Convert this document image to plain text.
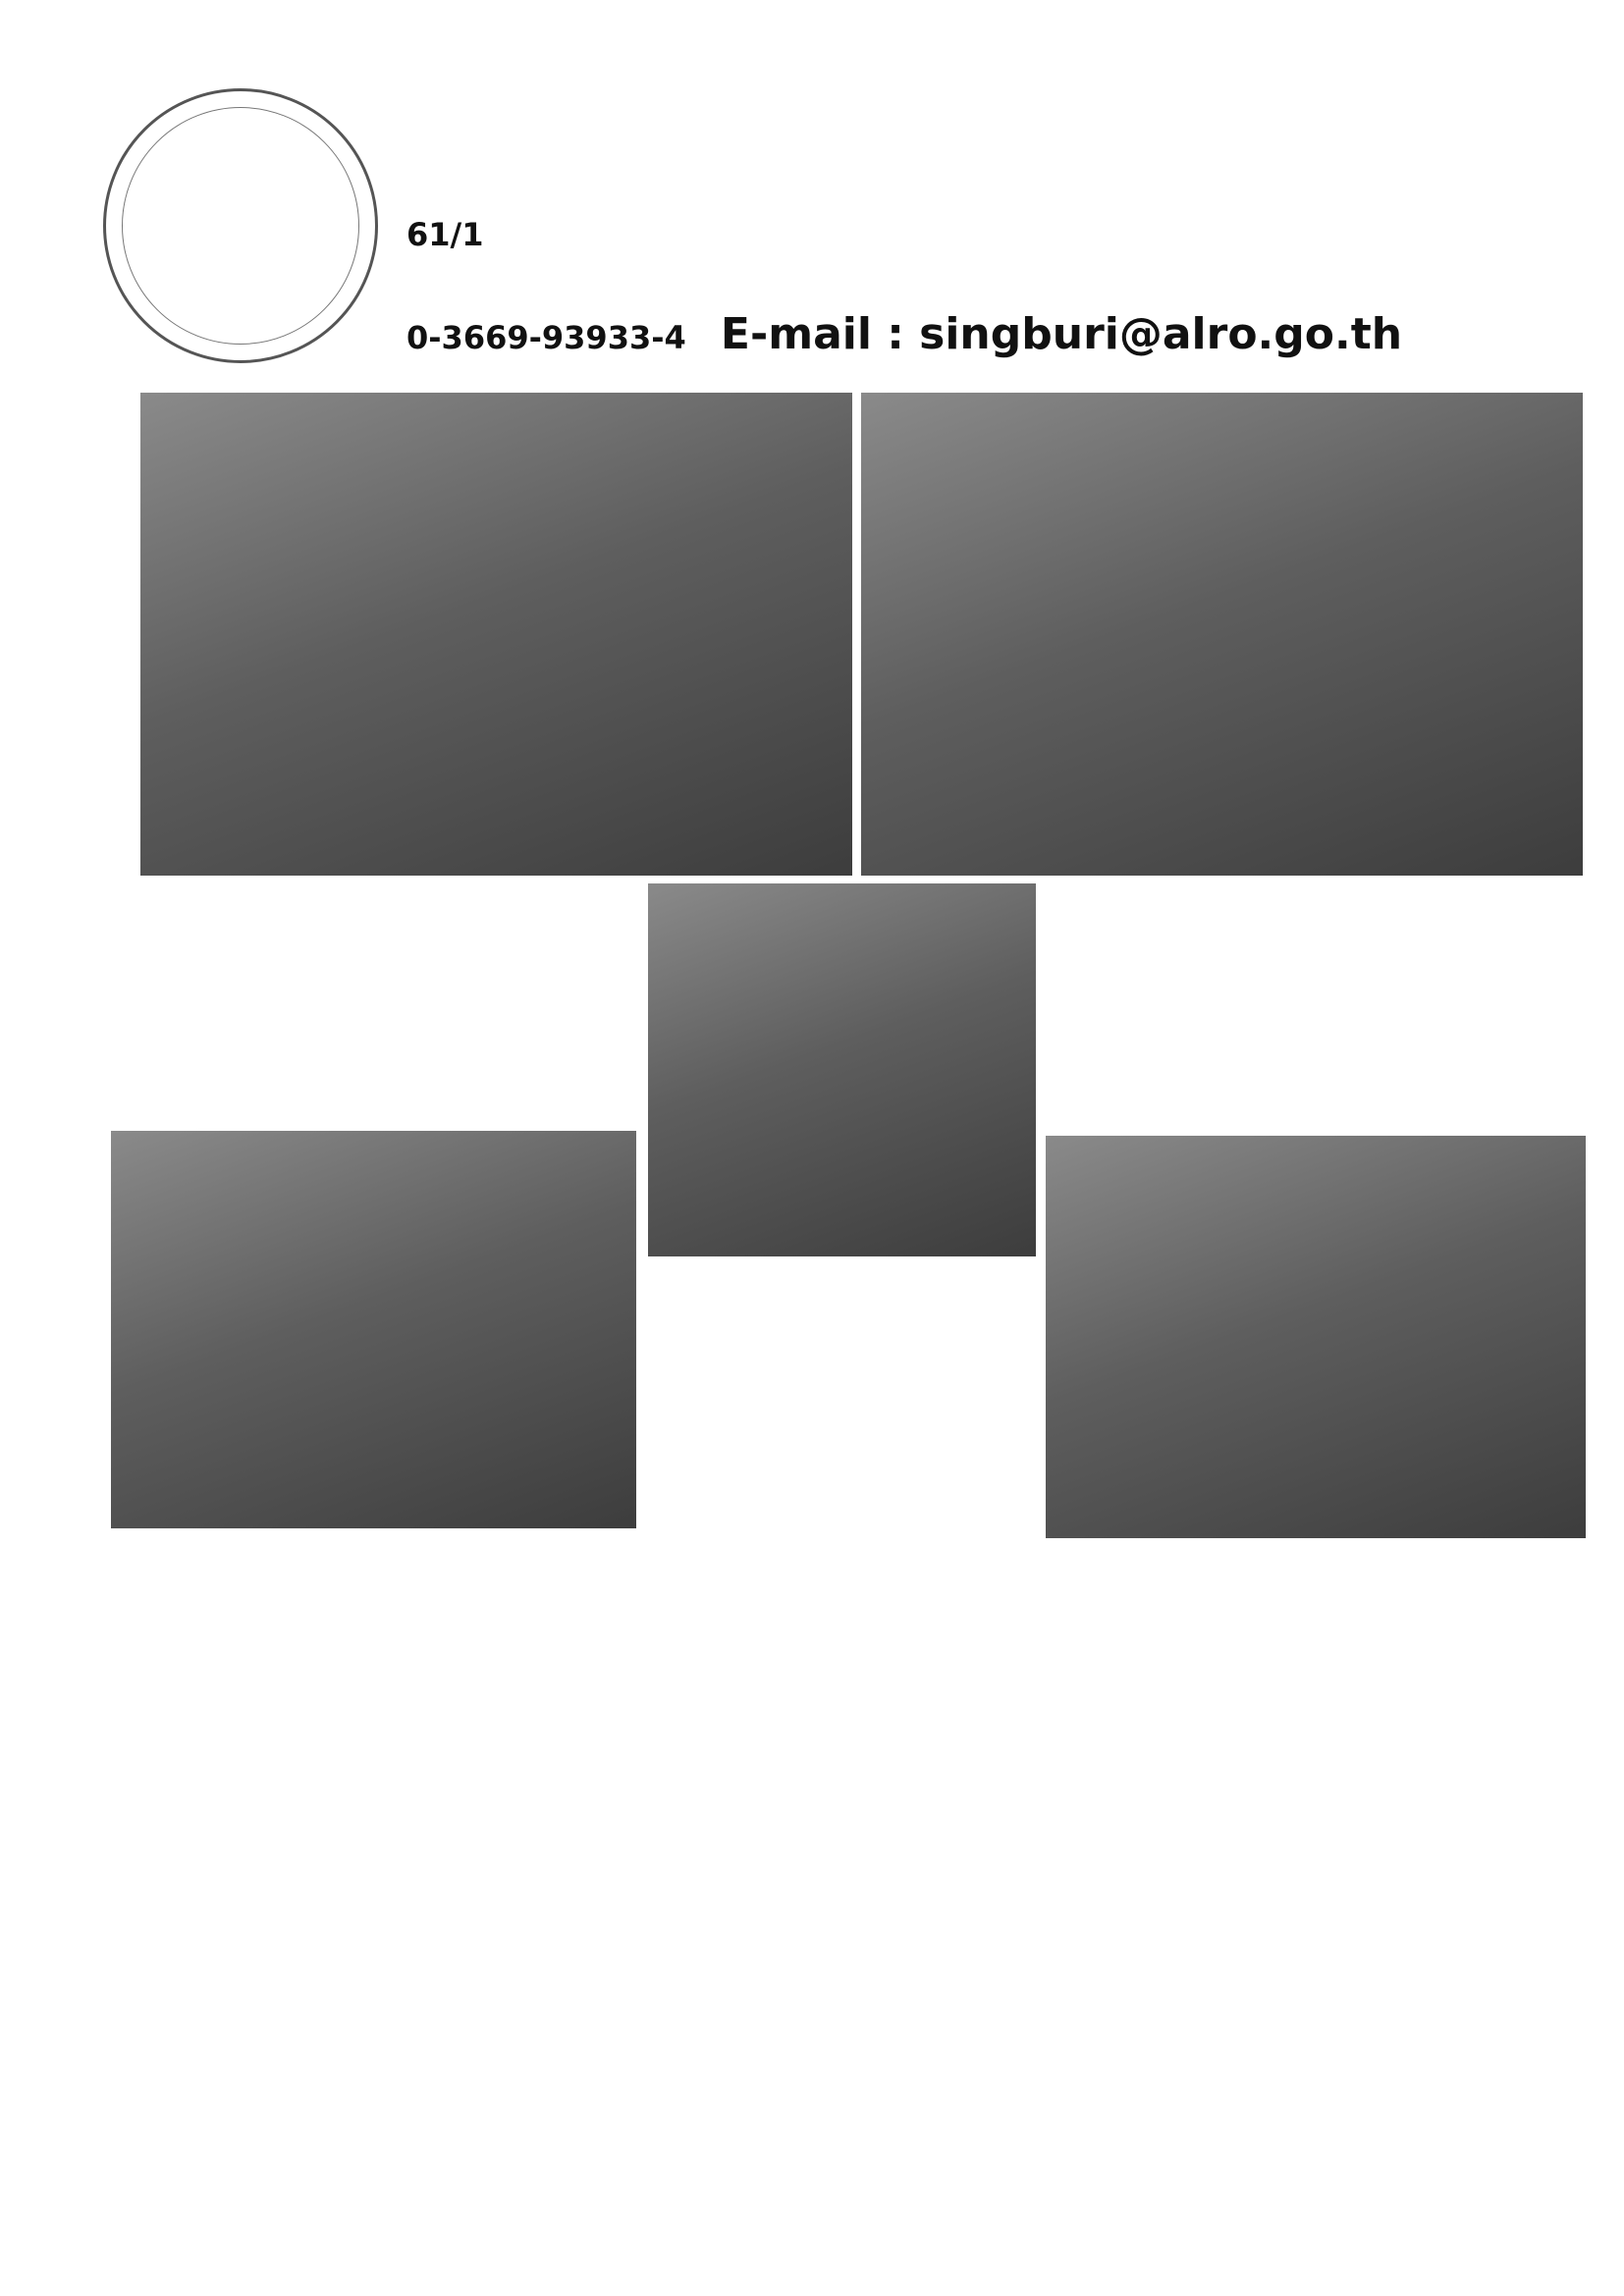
61/1
0-3669-93933-4 E-mail : singburi@alro.go.th
